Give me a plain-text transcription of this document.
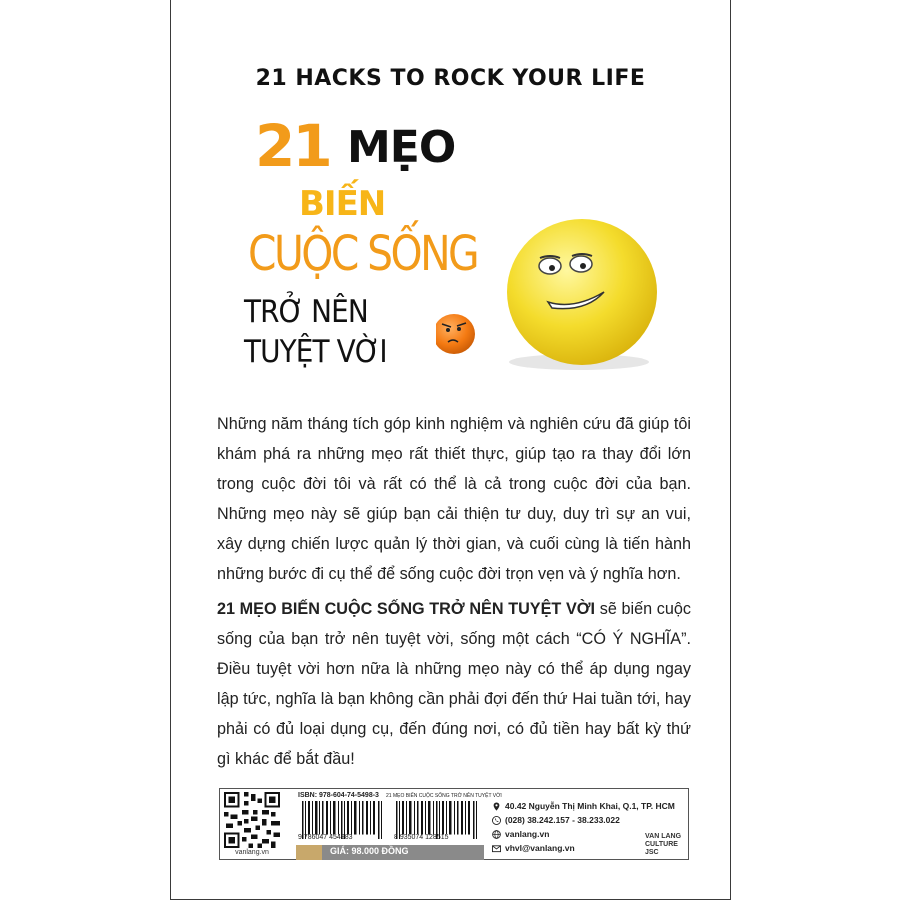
21 HACKS TO ROCK YOUR LIFE
21 MẸO
BIẾN
CUỘC SỐNG
TRỞ NÊN
TUYỆT VỜI
Những năm tháng tích góp kinh nghiệm và nghiên cứu đã giúp tôi khám phá ra những mẹo rất thiết thực, giúp tạo ra thay đổi lớn trong cuộc đời tôi và rất có thể là cả trong cuộc đời của bạn. Những mẹo này sẽ giúp bạn cải thiện tư duy, duy trì sự an vui, xây dựng chiến lược quản lý thời gian, và cuối cùng là tiến hành những bước đi cụ thể để sống cuộc đời trọn vẹn và ý nghĩa hơn.
21 MẸO BIẾN CUỘC SỐNG TRỞ NÊN TUYỆT VỜI sẽ biến cuộc sống của bạn trở nên tuyệt vời, sống một cách “CÓ Ý NGHĨA”. Điều tuyệt vời hơn nữa là những mẹo này có thể áp dụng ngay lập tức, nghĩa là bạn không cần phải đợi đến thứ Hai tuần tới, hay phải có đủ loại dụng cụ, đến đúng nơi, có đủ tiền hay bất kỳ thứ gì khác để bắt đầu!
vanlang.vn
ISBN: 978-604-74-5498-3 21 MẸO BIẾN CUỘC SỐNG TRỞ NÊN TUYỆT VỜI
9 786047 454983	8 935074 128515
GIÁ: 98.000 ĐỒNG
40.42 Nguyễn Thị Minh Khai, Q.1, TP. HCM
(028) 38.242.157 - 38.233.022
vanlang.vn
vhvl@vanlang.vn
VAN LANG
CULTURE JSC
